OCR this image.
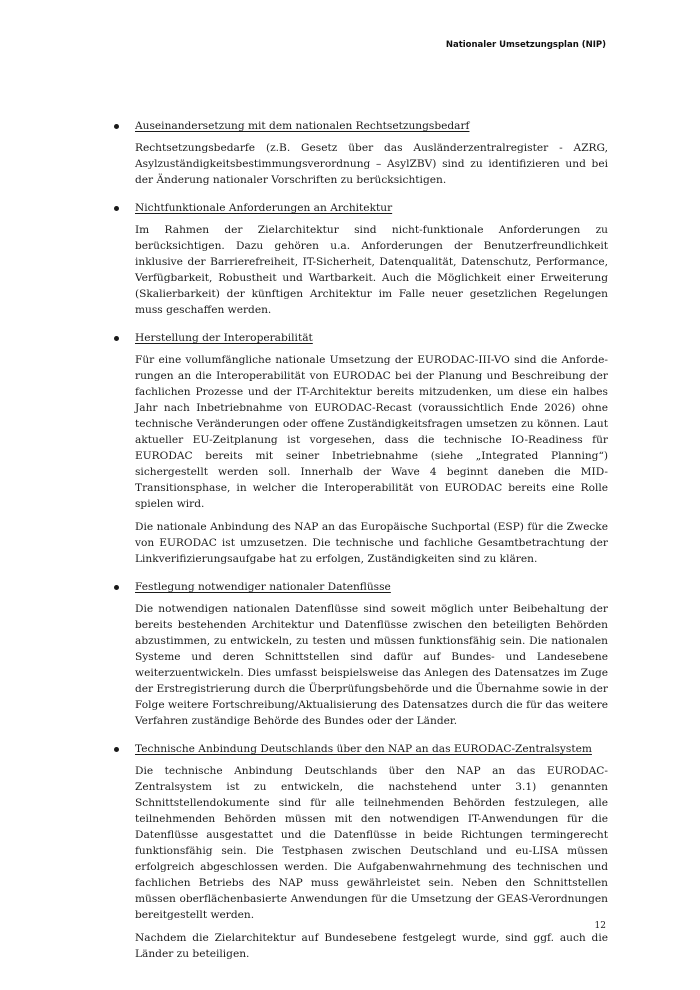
Nationaler Umsetzungsplan (NIP)
Auseinandersetzung mit dem nationalen Rechtsetzungsbedarf

Rechtsetzungsbedarfe (z.B. Gesetz über das Ausländerzentralregister - AZRG, Asylzuständigkeitsbestimmungsverordnung – AsylZBV) sind zu identifizieren und bei der Änderung nationaler Vorschriften zu berücksichtigen.

Nichtfunktionale Anforderungen an Architektur

Im Rahmen der Zielarchitektur sind nicht-funktionale Anforderungen zu berücksichtigen. Dazu gehören u.a. Anforderungen der Benutzerfreundlichkeit inklusive der Barrierefreiheit, IT-Sicherheit, Datenqualität, Datenschutz, Performance, Verfügbarkeit, Robustheit und Wartbarkeit. Auch die Möglichkeit einer Erweiterung (Skalierbarkeit) der künftigen Architektur im Falle neuer gesetzlichen Regelungen muss geschaffen werden.

Herstellung der Interoperabilität

Für eine vollumfängliche nationale Umsetzung der EURODAC-III-VO sind die Anforderungen an die Interoperabilität von EURODAC bei der Planung und Beschreibung der fachlichen Prozesse und der IT-Architektur bereits mitzudenken, um diese ein halbes Jahr nach Inbetriebnahme von EURODAC-Recast (voraussichtlich Ende 2026) ohne technische Veränderungen oder offene Zuständigkeitsfragen umsetzen zu können. Laut aktueller EU-Zeitplanung ist vorgesehen, dass die technische IO-Readiness für EURODAC bereits mit seiner Inbetriebnahme (siehe „Integrated Planning“) sichergestellt werden soll. Innerhalb der Wave 4 beginnt daneben die MID-Transitionsphase, in welcher die Interoperabilität von EURODAC bereits eine Rolle spielen wird.

Die nationale Anbindung des NAP an das Europäische Suchportal (ESP) für die Zwecke von EURODAC ist umzusetzen. Die technische und fachliche Gesamtbetrachtung der Linkverifizierungsaufgabe hat zu erfolgen, Zuständigkeiten sind zu klären.

Festlegung notwendiger nationaler Datenflüsse

Die notwendigen nationalen Datenflüsse sind soweit möglich unter Beibehaltung der bereits bestehenden Architektur und Datenflüsse zwischen den beteiligten Behörden abzustimmen, zu entwickeln, zu testen und müssen funktionsfähig sein. Die nationalen Systeme und deren Schnittstellen sind dafür auf Bundes- und Landesebene weiterzuentwickeln. Dies umfasst beispielsweise das Anlegen des Datensatzes im Zuge der Erstregistrierung durch die Überprüfungsbehörde und die Übernahme sowie in der Folge weitere Fortschreibung/Aktualisierung des Datensatzes durch die für das weitere Verfahren zuständige Behörde des Bundes oder der Länder.

Technische Anbindung Deutschlands über den NAP an das EURODAC-Zentralsystem

Die technische Anbindung Deutschlands über den NAP an das EURODAC-Zentralsystem ist zu entwickeln, die nachstehend unter 3.1) genannten Schnittstellendokumente sind für alle teilnehmenden Behörden festzulegen, alle teilnehmenden Behörden müssen mit den notwendigen IT-Anwendungen für die Datenflüsse ausgestattet und die Datenflüsse in beide Richtungen termingerecht funktionsfähig sein. Die Testphasen zwischen Deutschland und eu-LISA müssen erfolgreich abgeschlossen werden. Die Aufgabenwahrnehmung des technischen und fachlichen Betriebs des NAP muss gewährleistet sein. Neben den Schnittstellen müssen oberflächenbasierte Anwendungen für die Umsetzung der GEAS-Verordnungen bereitgestellt werden.

Nachdem die Zielarchitektur auf Bundesebene festgelegt wurde, sind ggf. auch die Länder zu beteiligen.

12
